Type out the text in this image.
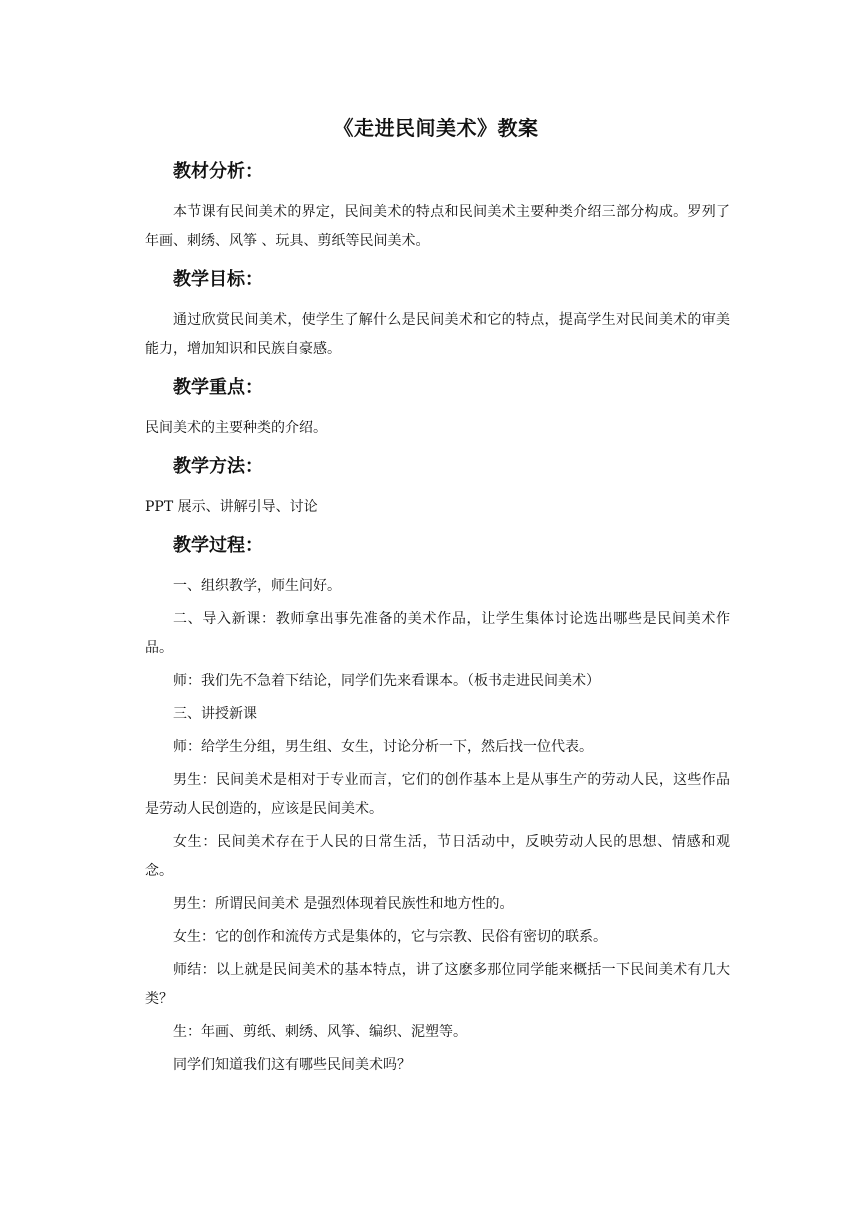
《走进民间美术》教案
教材分析：

本节课有民间美术的界定，民间美术的特点和民间美术主要种类介绍三部分构成。罗列了年画、刺绣、风筝 、玩具、剪纸等民间美术。

教学目标：

通过欣赏民间美术，使学生了解什么是民间美术和它的特点，提高学生对民间美术的审美能力，增加知识和民族自豪感。

教学重点：

民间美术的主要种类的介绍。

教学方法：

PPT 展示、讲解引导、讨论

教学过程：

一、组织教学，师生问好。

二、导入新课：教师拿出事先准备的美术作品，让学生集体讨论选出哪些是民间美术作品。

师：我们先不急着下结论，同学们先来看课本。（板书走进民间美术）

三、讲授新课

师：给学生分组，男生组、女生，讨论分析一下，然后找一位代表。

男生：民间美术是相对于专业而言，它们的创作基本上是从事生产的劳动人民，这些作品是劳动人民创造的，应该是民间美术。

女生：民间美术存在于人民的日常生活，节日活动中，反映劳动人民的思想、情感和观念。

男生：所谓民间美术 是强烈体现着民族性和地方性的。

女生：它的创作和流传方式是集体的，它与宗教、民俗有密切的联系。

师结：以上就是民间美术的基本特点，讲了这麽多那位同学能来概括一下民间美术有几大类？

生：年画、剪纸、刺绣、风筝、编织、泥塑等。

同学们知道我们这有哪些民间美术吗？
